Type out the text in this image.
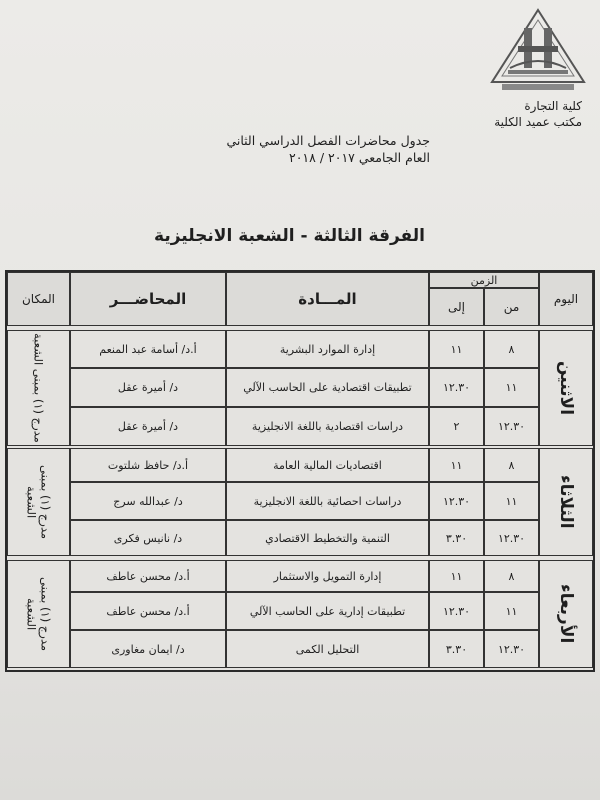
كلية التجارة
مكتب عميد الكلية
جدول محاضرات الفصل الدراسي الثاني
العام الجامعي ٢٠١٧ / ٢٠١٨
الفرقة الثالثة - الشعبة الانجليزية
اليوم
الزمن
من
إلى
المـــادة
المحاضـــر
المكان
الاثنين
مدرج (١) بمبنى الشعبة
٨
١١
إدارة الموارد البشرية
أ.د/ أسامة عبد المنعم
١١
١٢.٣٠
تطبيقات اقتصادية على الحاسب الآلي
د/ أميرة عقل
١٢.٣٠
٢
دراسات اقتصادية باللغة الانجليزية
د/ أميرة عقل
الثلاثاء
مدرج (١) بمبنى الشعبة
٨
١١
اقتصاديات المالية العامة
أ.د/ حافظ شلتوت
١١
١٢.٣٠
دراسات احصائية باللغة الانجليزية
د/ عبدالله سرج
١٢.٣٠
٣.٣٠
التنمية والتخطيط الاقتصادي
د/ نانيس فكرى
الأربعاء
مدرج (١) بمبنى الشعبة
٨
١١
إدارة التمويل والاستثمار
أ.د/ محسن عاطف
١١
١٢.٣٠
تطبيقات إدارية على الحاسب الآلي
أ.د/ محسن عاطف
١٢.٣٠
٣.٣٠
التحليل الكمى
د/ ايمان مغاورى
